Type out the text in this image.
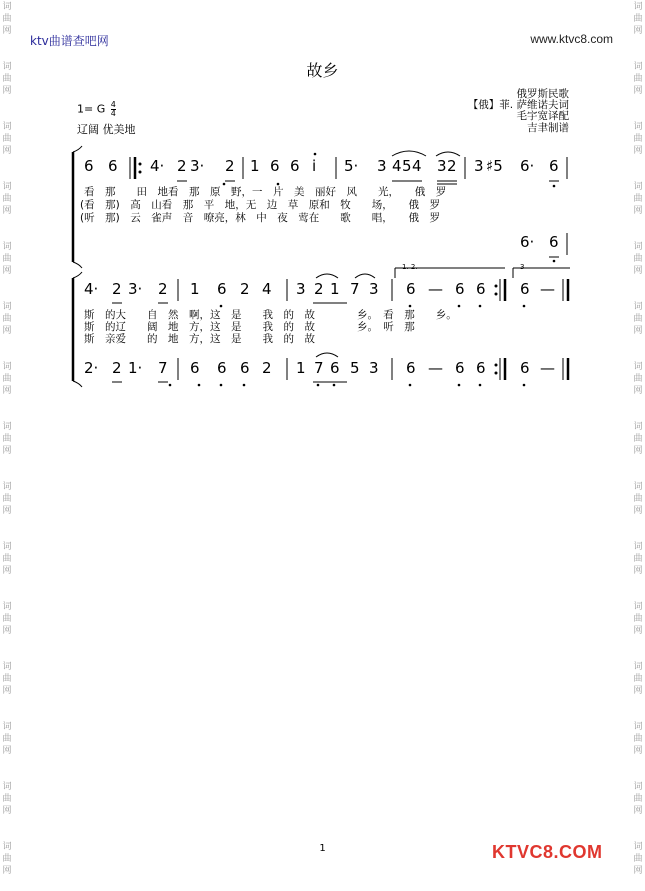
词
曲
网
词
曲
网
词
曲
网
词
曲
网
词
曲
网
词
曲
网
词
曲
网
词
曲
网
词
曲
网
词
曲
网
词
曲
网
词
曲
网
词
曲
网
词
曲
网
词
曲
网
词
曲
网
词
曲
网
词
曲
网
词
曲
网
词
曲
网
词
曲
网
词
曲
网
词
曲
网
词
曲
网
词
曲
网
词
曲
网
词
曲
网
词
曲
网
词
曲
网
词
曲
网
ktv曲谱查吧网	www.ktvc8.com
故乡
俄罗斯民歌
【俄】菲. 萨维诺夫词
毛宇宽译配
吉聿制谱
1= G $\frac{4}{4}$
辽阔 优美地
6 6 4· 2 3· 2 1 6 6 i 5· 3 4 5 4 3 2 3 ♯5 6· 6
6· 6
看　那　　田　地看　那　原　野，一　片　美　丽好　风　　光，　　俄　罗
(看　那)　高　山看　那　平　地，无　边　草　原和　牧　　场，　　俄　罗
(听　那)　云　雀声　音　嘹亮，林　中　夜　莺在　　歌　　唱，　　俄　罗
1. 2.	3
4· 2 3· 2 1 6 2 4 3 2 1 7 3 6 — 6 6 6 —
斯　的大　　自　然　啊，这　是　　我　的　故　　　　乡。　看　那　　乡。
斯　的辽　　阔　地　方，这　是　　我　的　故　　　　乡。　听　那
斯　亲爱　　的　地　方，这　是　　我　的　故
2· 2 1· 7 6 6 6 2 1 7 6 5 3 6 — 6 6 6 —
1	KTVC8.COM
